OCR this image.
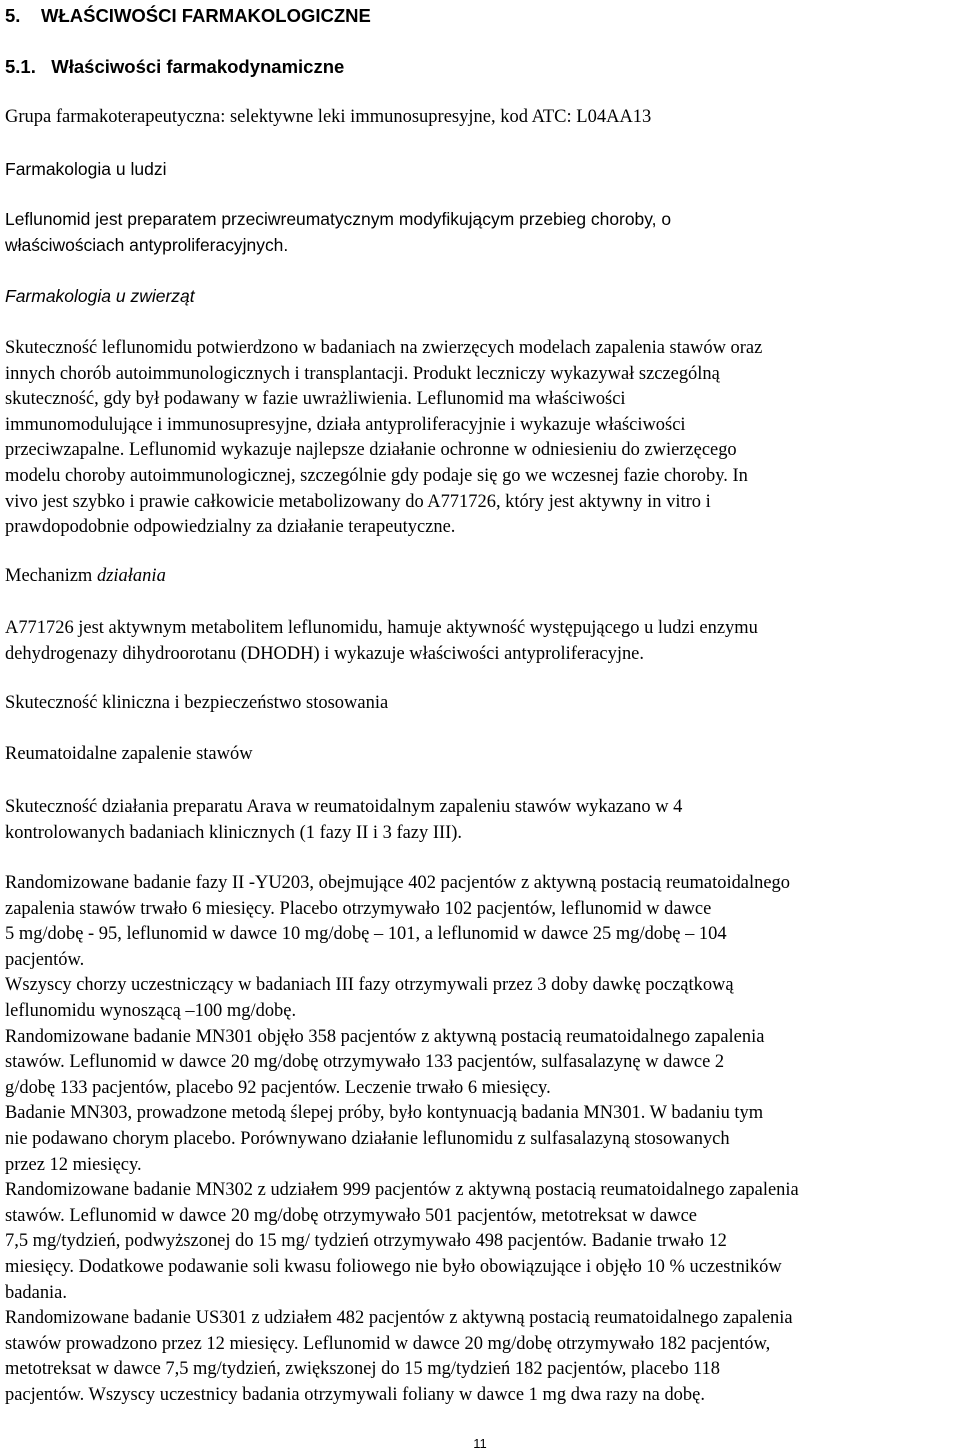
5.    WŁAŚCIWOŚCI FARMAKOLOGICZNE
5.1.   Właściwości farmakodynamiczne
Grupa farmakoterapeutyczna: selektywne leki immunosupresyjne, kod ATC: L04AA13
Farmakologia u ludzi
Leflunomid jest preparatem przeciwreumatycznym modyfikującym przebieg choroby, o
właściwościach antyproliferacyjnych.
Farmakologia u zwierząt
Skuteczność leflunomidu potwierdzono w badaniach na zwierzęcych modelach zapalenia stawów oraz
innych chorób autoimmunologicznych i transplantacji. Produkt leczniczy wykazywał szczególną
skuteczność, gdy był podawany w fazie uwrażliwienia. Leflunomid ma właściwości
immunomodulujące i immunosupresyjne, działa antyproliferacyjnie i wykazuje właściwości
przeciwzapalne. Leflunomid wykazuje najlepsze działanie ochronne w odniesieniu do zwierzęcego
modelu choroby autoimmunologicznej, szczególnie gdy podaje się go we wczesnej fazie choroby. In
vivo jest szybko i prawie całkowicie metabolizowany do A771726, który jest aktywny in vitro i
prawdopodobnie odpowiedzialny za działanie terapeutyczne.
Mechanizm działania
A771726 jest aktywnym metabolitem leflunomidu, hamuje aktywność występującego u ludzi enzymu
dehydrogenazy dihydroorotanu (DHODH) i wykazuje właściwości antyproliferacyjne.
Skuteczność kliniczna i bezpieczeństwo stosowania
Reumatoidalne zapalenie stawów
Skuteczność działania preparatu Arava w reumatoidalnym zapaleniu stawów wykazano w 4
kontrolowanych badaniach klinicznych (1 fazy II i 3 fazy III).
Randomizowane badanie fazy II -YU203, obejmujące 402 pacjentów z aktywną postacią reumatoidalnego
zapalenia stawów trwało 6 miesięcy. Placebo otrzymywało 102 pacjentów, leflunomid w dawce
5 mg/dobę - 95, leflunomid w dawce 10 mg/dobę – 101, a leflunomid w dawce 25 mg/dobę – 104
pacjentów.
Wszyscy chorzy uczestniczący w badaniach III fazy otrzymywali przez 3 doby dawkę początkową
leflunomidu wynoszącą –100 mg/dobę.
Randomizowane badanie MN301 objęło 358 pacjentów z aktywną postacią reumatoidalnego zapalenia
stawów. Leflunomid w dawce 20 mg/dobę otrzymywało 133 pacjentów, sulfasalazynę w dawce 2
g/dobę 133 pacjentów, placebo 92 pacjentów. Leczenie trwało 6 miesięcy.
Badanie MN303, prowadzone metodą ślepej próby, było kontynuacją badania MN301. W badaniu tym
nie podawano chorym placebo. Porównywano działanie leflunomidu z sulfasalazyną stosowanych
przez 12 miesięcy.
Randomizowane badanie MN302 z udziałem 999 pacjentów z aktywną postacią reumatoidalnego zapalenia
stawów. Leflunomid w dawce 20 mg/dobę otrzymywało 501 pacjentów, metotreksat w dawce
7,5 mg/tydzień, podwyższonej do 15 mg/ tydzień otrzymywało 498 pacjentów. Badanie trwało 12
miesięcy. Dodatkowe podawanie soli kwasu foliowego nie było obowiązujące i objęło 10 % uczestników
badania.
Randomizowane badanie US301 z udziałem 482 pacjentów z aktywną postacią reumatoidalnego zapalenia
stawów prowadzono przez 12 miesięcy. Leflunomid w dawce 20 mg/dobę otrzymywało 182 pacjentów,
metotreksat w dawce 7,5 mg/tydzień, zwiększonej do 15 mg/tydzień 182 pacjentów, placebo 118
pacjentów. Wszyscy uczestnicy badania otrzymywali foliany w dawce 1 mg dwa razy na dobę.
11
